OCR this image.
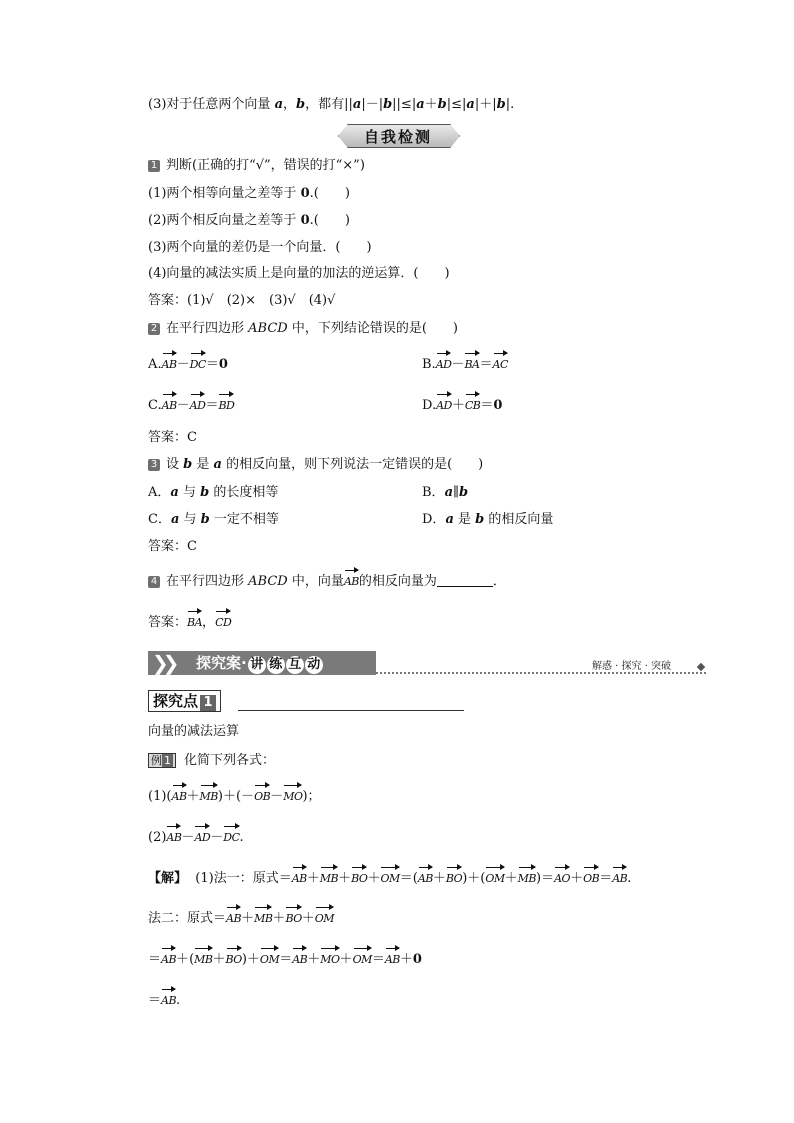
(3)对于任意两个向量 a，b，都有||a|－|b||≤|a＋b|≤|a|＋|b|.
自我检测
1 判断(正确的打“√”，错误的打“×”)
(1)两个相等向量之差等于 0.(　　)
(2)两个相反向量之差等于 0.(　　)
(3)两个向量的差仍是一个向量．(　　)
(4)向量的减法实质上是向量的加法的逆运算．(　　)
答案：(1)√　(2)×　(3)√　(4)√
2 在平行四边形 ABCD 中，下列结论错误的是(　　)
A.AB－DC＝0	B.AD－BA＝AC
C.AB－AD＝BD	D.AD＋CB＝0
答案：C
3 设 b 是 a 的相反向量，则下列说法一定错误的是(　　)
A．a 与 b 的长度相等	B．a∥b
C．a 与 b 一定不相等	D．a 是 b 的相反向量
答案：C
4 在平行四边形 ABCD 中，向量AB的相反向量为	．
答案：BA，CD
❯❯	探究案· 讲 练 互 动	解惑 · 探究 · 突破
探究点 1
向量的减法运算
例 1 化简下列各式：
(1)(AB＋MB)＋(－OB－MO)；
(2)AB－AD－DC.
【解】 (1)法一：原式＝AB＋MB＋BO＋OM＝(AB＋BO)＋(OM＋MB)＝AO＋OB＝AB.
法二：原式＝AB＋MB＋BO＋OM
＝AB＋(MB＋BO)＋OM＝AB＋MO＋OM＝AB＋0
＝AB.
